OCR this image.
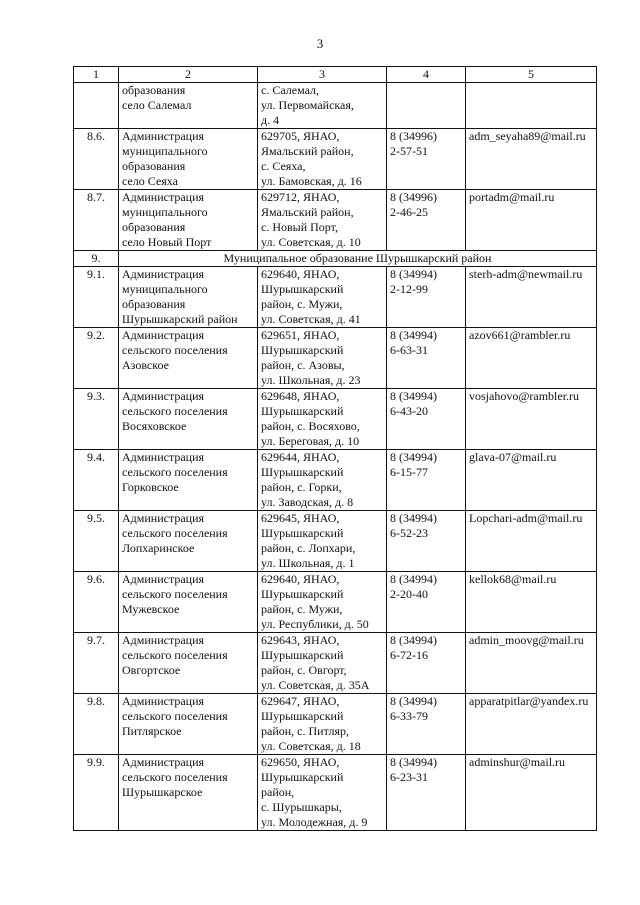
3
1	2	3	4	5
	образования
село Салемал	с. Салемал,
ул. Первомайская,
д. 4		
8.6.	Администрация
муниципального
образования
село Сеяха	629705, ЯНАО,
Ямальский район,
с. Сеяха,
ул. Бамовская, д. 16	8 (34996)
2-57-51	adm_seyaha89@mail.ru
8.7.	Администрация
муниципального
образования
село Новый Порт	629712, ЯНАО,
Ямальский район,
с. Новый Порт,
ул. Советская, д. 10	8 (34996)
2-46-25	portadm@mail.ru
9.	Муниципальное образование Шурышкарский район			
9.1.	Администрация
муниципального
образования
Шурышкарский район	629640, ЯНАО,
Шурышкарский
район, с. Мужи,
ул. Советская, д. 41	8 (34994)
2-12-99	sterh-adm@newmail.ru
9.2.	Администрация
сельского поселения
Азовское	629651, ЯНАО,
Шурышкарский
район, с. Азовы,
ул. Школьная, д. 23	8 (34994)
6-63-31	azov661@rambler.ru
9.3.	Администрация
сельского поселения
Восяховское	629648, ЯНАО,
Шурышкарский
район, с. Восяхово,
ул. Береговая, д. 10	8 (34994)
6-43-20	vosjahovo@rambler.ru
9.4.	Администрация
сельского поселения
Горковское	629644, ЯНАО,
Шурышкарский
район, с. Горки,
ул. Заводская, д. 8	8 (34994)
6-15-77	glava-07@mail.ru
9.5.	Администрация
сельского поселения
Лопхаринское	629645, ЯНАО,
Шурышкарский
район, с. Лопхари,
ул. Школьная, д. 1	8 (34994)
6-52-23	Lopchari-adm@mail.ru
9.6.	Администрация
сельского поселения
Мужевское	629640, ЯНАО,
Шурышкарский
район, с. Мужи,
ул. Республики, д. 50	8 (34994)
2-20-40	kellok68@mail.ru
9.7.	Администрация
сельского поселения
Овгортское	629643, ЯНАО,
Шурышкарский
район, с. Овгорт,
ул. Советская, д. 35А	8 (34994)
6-72-16	admin_moovg@mail.ru
9.8.	Администрация
сельского поселения
Питлярское	629647, ЯНАО,
Шурышкарский
район, с. Питляр,
ул. Советская, д. 18	8 (34994)
6-33-79	apparatpitlar@yandex.ru
9.9.	Администрация
сельского поселения
Шурышкарское	629650, ЯНАО,
Шурышкарский
район,
с. Шурышкары,
ул. Молодежная, д. 9	8 (34994)
6-23-31	adminshur@mail.ru
